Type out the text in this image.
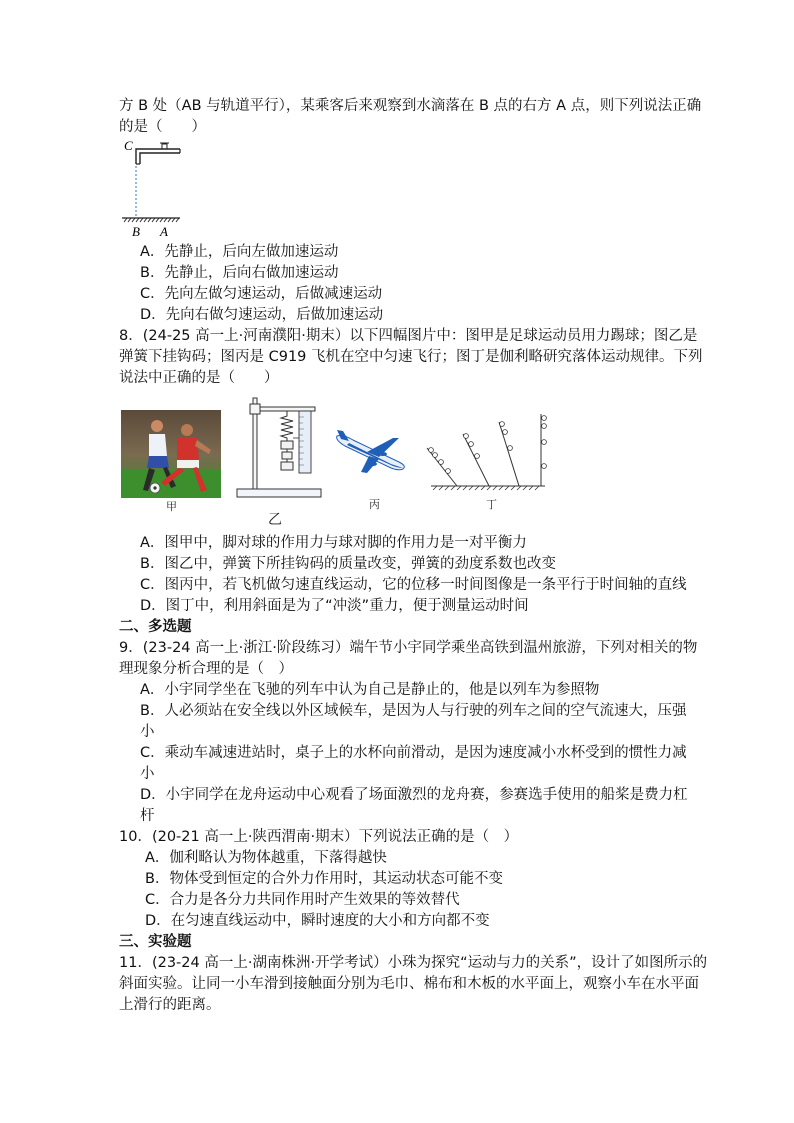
方 B 处（AB 与轨道平行），某乘客后来观察到水滴落在 B 点的右方 A 点，则下列说法正确
的是（　　）
C
B A
A．先静止，后向左做加速运动
B．先静止，后向右做加速运动
C．先向左做匀速运动，后做减速运动
D．先向右做匀速运动，后做加速运动
8．(24-25 高一上·河南濮阳·期末）以下四幅图片中：图甲是足球运动员用力踢球；图乙是
弹簧下挂钩码；图丙是 C919 飞机在空中匀速飞行；图丁是伽利略研究落体运动规律。下列
说法中正确的是（　　）
甲
乙
丙	丁
A．图甲中，脚对球的作用力与球对脚的作用力是一对平衡力
B．图乙中，弹簧下所挂钩码的质量改变，弹簧的劲度系数也改变
C．图丙中，若飞机做匀速直线运动，它的位移一时间图像是一条平行于时间轴的直线
D．图丁中，利用斜面是为了“冲淡”重力，便于测量运动时间
二、多选题
9．(23-24 高一上·浙江·阶段练习）端午节小宇同学乘坐高铁到温州旅游，下列对相关的物
理现象分析合理的是（　）
A．小宇同学坐在飞驰的列车中认为自己是静止的，他是以列车为参照物
B．人必须站在安全线以外区域候车，是因为人与行驶的列车之间的空气流速大，压强
小
C．乘动车减速进站时，桌子上的水杯向前滑动，是因为速度减小水杯受到的惯性力减
小
D．小宇同学在龙舟运动中心观看了场面激烈的龙舟赛，参赛选手使用的船桨是费力杠
杆
10．(20-21 高一上·陕西渭南·期末）下列说法正确的是（　）
A．伽利略认为物体越重，下落得越快
B．物体受到恒定的合外力作用时，其运动状态可能不变
C．合力是各分力共同作用时产生效果的等效替代
D．在匀速直线运动中，瞬时速度的大小和方向都不变
三、实验题
11．(23-24 高一上·湖南株洲·开学考试）小珠为探究“运动与力的关系”，设计了如图所示的
斜面实验。让同一小车滑到接触面分别为毛巾、棉布和木板的水平面上，观察小车在水平面
上滑行的距离。
